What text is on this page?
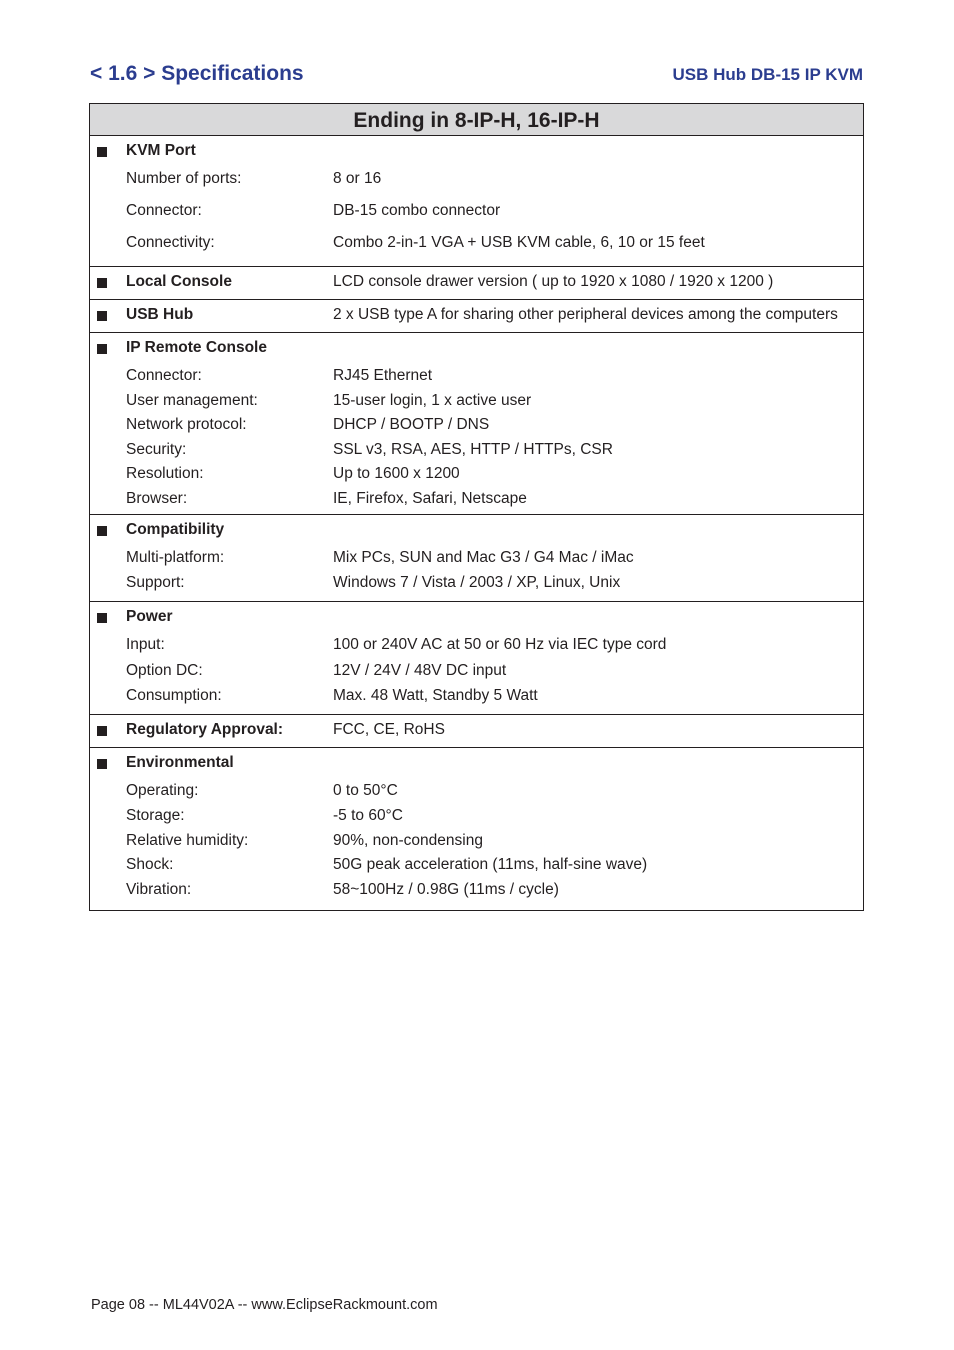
< 1.6 > Specifications	USB Hub DB-15 IP KVM
Ending in 8-IP-H, 16-IP-H
KVM Port
Number of ports:	8 or 16
Connector:	DB-15 combo connector
Connectivity:	Combo 2-in-1 VGA + USB KVM cable, 6, 10 or 15 feet
Local Console	LCD console drawer version ( up to 1920 x 1080 / 1920 x 1200 )
USB Hub	2 x USB type A for sharing other peripheral devices among the computers
IP Remote Console
Connector:	RJ45 Ethernet
User management:	15-user login, 1 x active user
Network protocol:	DHCP / BOOTP / DNS
Security:	SSL v3, RSA, AES, HTTP / HTTPs, CSR
Resolution:	Up to 1600 x 1200
Browser:	IE, Firefox, Safari, Netscape
Compatibility
Multi-platform:	Mix PCs, SUN and Mac G3 / G4 Mac / iMac
Support:	Windows 7 / Vista / 2003 / XP, Linux, Unix
Power
Input:	100 or 240V AC at 50 or 60 Hz via IEC type cord
Option DC:	12V / 24V / 48V DC input
Consumption:	Max. 48 Watt, Standby 5 Watt
Regulatory Approval:	FCC, CE, RoHS
Environmental
Operating:	0 to 50°C
Storage:	-5 to 60°C
Relative humidity:	90%, non-condensing
Shock:	50G peak acceleration (11ms, half-sine wave)
Vibration:	58~100Hz / 0.98G (11ms / cycle)
Page 08 -- ML44V02A -- www.EclipseRackmount.com
